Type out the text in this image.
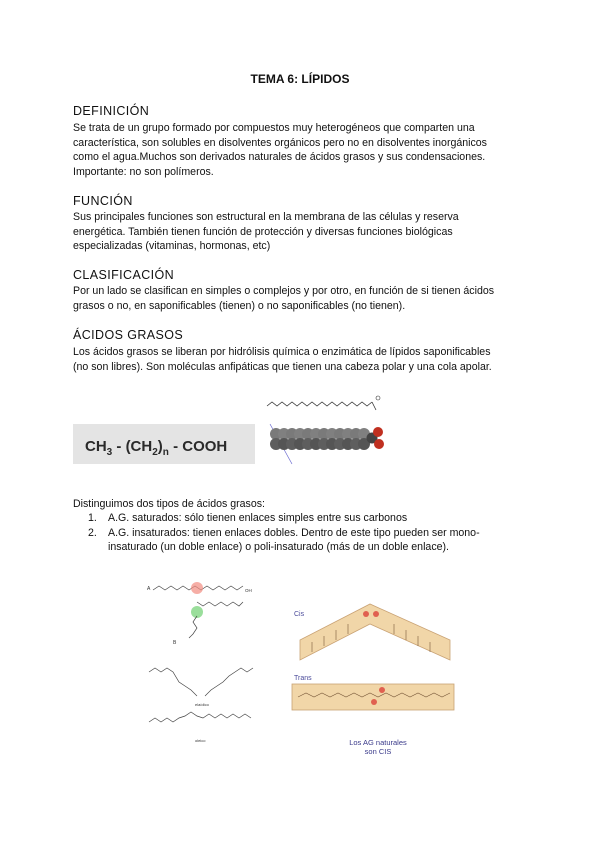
TEMA 6: LÍPIDOS
DEFINICIÓN
Se trata de un grupo formado por compuestos muy heterogéneos que comparten una
característica, son solubles en disolventes orgánicos pero no en disolventes inorgánicos
como el agua.Muchos son derivados naturales de ácidos grasos y sus condensaciones.
Importante: no son polímeros.
FUNCIÓN
Sus principales funciones son estructural en la membrana de las células y reserva
energética. También tienen función de protección y diversas funciones biológicas
especializadas (vitaminas, hormonas, etc)
CLASIFICACIÓN
Por un lado se clasifican en simples o complejos y por otro, en función de si tienen ácidos
grasos o no, en saponificables (tienen) o no saponificables (no tienen).
ÁCIDOS GRASOS
Los ácidos grasos se liberan por hidrólisis química o enzimática de lípidos saponificables
(no son libres). Son moléculas anfipáticas que tienen una cabeza polar y una cola apolar.
$CH_3 - (CH_2)_n$ - COOH
Distinguimos dos tipos de ácidos grasos:
1. A.G. saturados: sólo tienen enlaces simples entre sus carbonos
2. A.G. insaturados: tienen enlaces dobles. Dentro de este tipo pueden ser mono-insaturado (un doble enlace) o poli-insaturado (más de un doble enlace).
A	OH
B
elaídico
oleico
Cis
Trans
Los AG naturales
son CIS
